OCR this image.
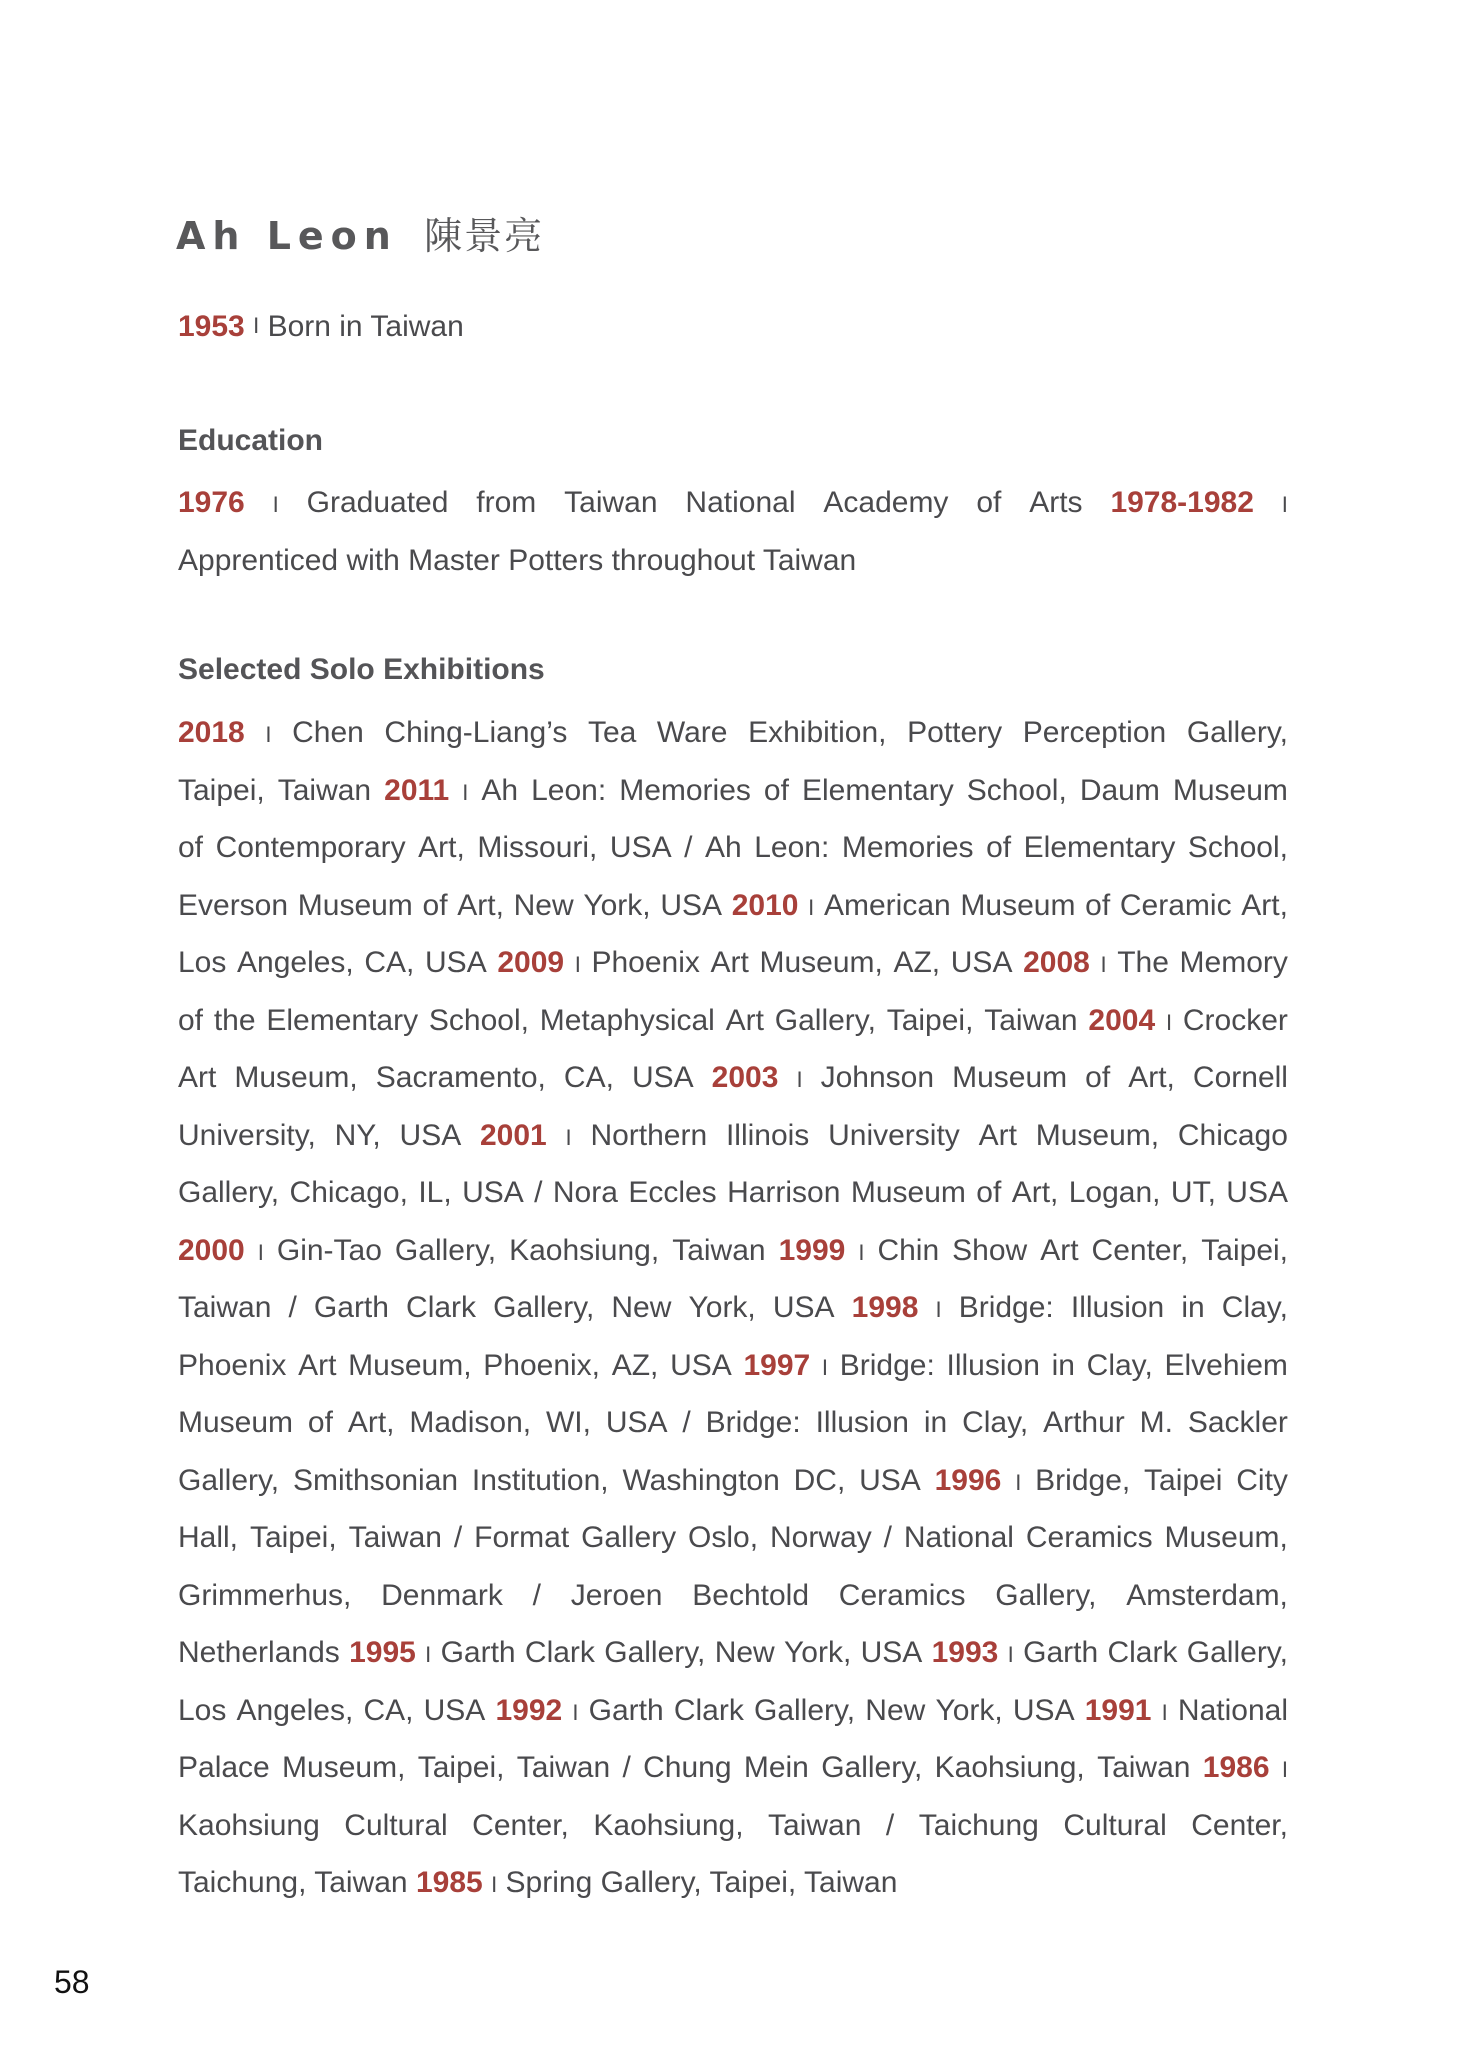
Ah Leon 陳景亮
1953 I Born in Taiwan
Education
1976 I Graduated from Taiwan National Academy of Arts 1978-1982 I
Apprenticed with Master Potters throughout Taiwan
Selected Solo Exhibitions
2018 I Chen Ching-Liang’s Tea Ware Exhibition, Pottery Perception Gallery,
Taipei, Taiwan 2011 I Ah Leon: Memories of Elementary School, Daum Museum
of Contemporary Art, Missouri, USA / Ah Leon: Memories of Elementary School,
Everson Museum of Art, New York, USA 2010 I American Museum of Ceramic Art,
Los Angeles, CA, USA 2009 I Phoenix Art Museum, AZ, USA 2008 I The Memory
of the Elementary School, Metaphysical Art Gallery, Taipei, Taiwan 2004 I Crocker
Art Museum, Sacramento, CA, USA 2003 I Johnson Museum of Art, Cornell
University, NY, USA 2001 I Northern Illinois University Art Museum, Chicago
Gallery, Chicago, IL, USA / Nora Eccles Harrison Museum of Art, Logan, UT, USA
2000 I Gin-Tao Gallery, Kaohsiung, Taiwan 1999 I Chin Show Art Center, Taipei,
Taiwan / Garth Clark Gallery, New York, USA 1998 I Bridge: Illusion in Clay,
Phoenix Art Museum, Phoenix, AZ, USA 1997 I Bridge: Illusion in Clay, Elvehiem
Museum of Art, Madison, WI, USA / Bridge: Illusion in Clay, Arthur M. Sackler
Gallery, Smithsonian Institution, Washington DC, USA 1996 I Bridge, Taipei City
Hall, Taipei, Taiwan / Format Gallery Oslo, Norway / National Ceramics Museum,
Grimmerhus, Denmark / Jeroen Bechtold Ceramics Gallery, Amsterdam,
Netherlands 1995 I Garth Clark Gallery, New York, USA 1993 I Garth Clark Gallery,
Los Angeles, CA, USA 1992 I Garth Clark Gallery, New York, USA 1991 I National
Palace Museum, Taipei, Taiwan / Chung Mein Gallery, Kaohsiung, Taiwan 1986 I
Kaohsiung Cultural Center, Kaohsiung, Taiwan / Taichung Cultural Center,
Taichung, Taiwan 1985 I Spring Gallery, Taipei, Taiwan
58
